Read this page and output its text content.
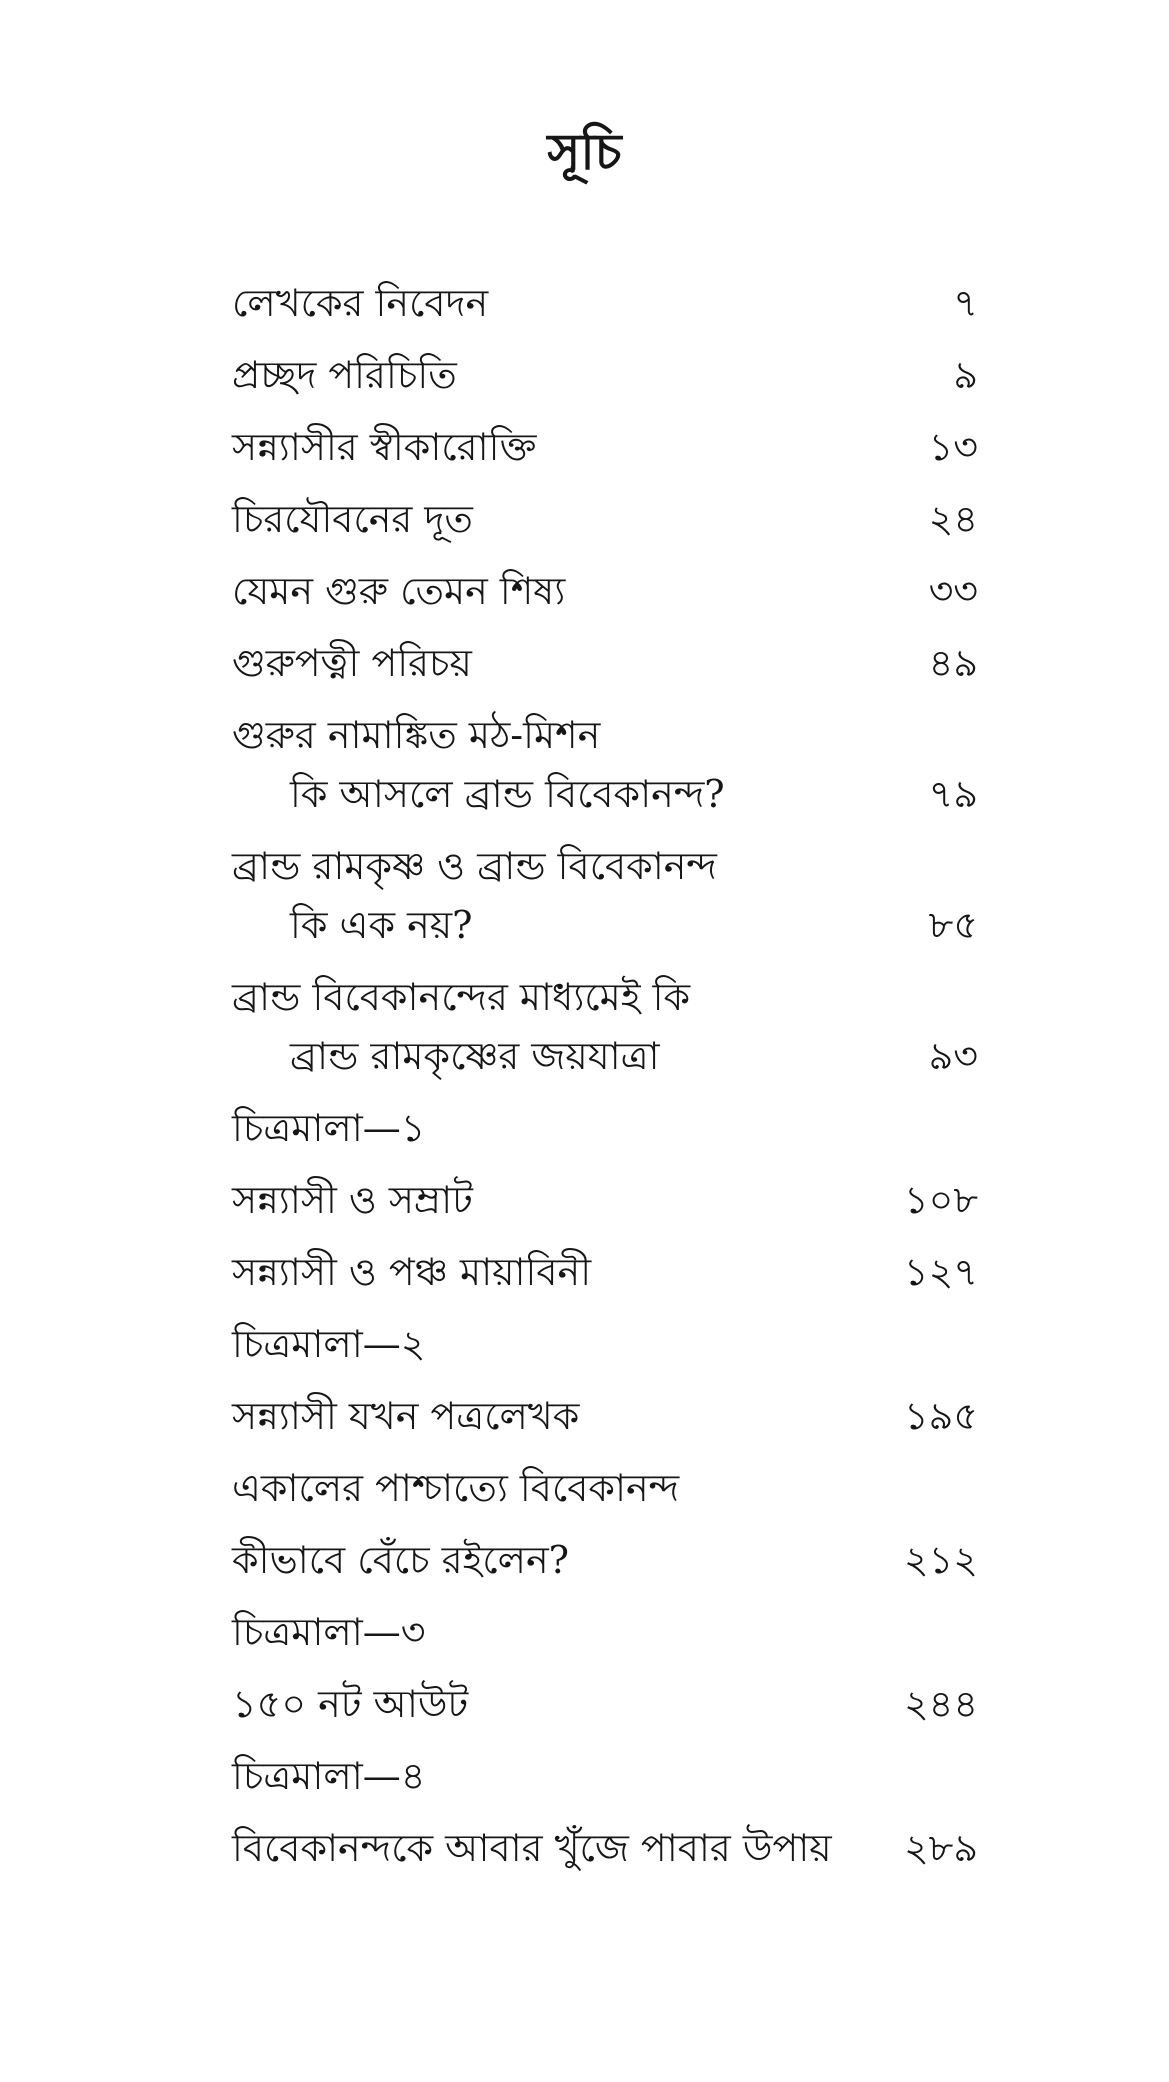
সূচি
লেখকের নিবেদন	৭
প্রচ্ছদ পরিচিতি	৯
সন্ন্যাসীর স্বীকারোক্তি	১৩
চিরযৌবনের দূত	২৪
যেমন গুরু তেমন শিষ্য	৩৩
গুরুপত্নী পরিচয়	৪৯
গুরুর নামাঙ্কিত মঠ-মিশন
কি আসলে ব্রান্ড বিবেকানন্দ?	৭৯
ব্রান্ড রামকৃষ্ণ ও ব্রান্ড বিবেকানন্দ
কি এক নয়?	৮৫
ব্রান্ড বিবেকানন্দের মাধ্যমেই কি
ব্রান্ড রামকৃষ্ণের জয়যাত্রা	৯৩
চিত্রমালা—১
সন্ন্যাসী ও সম্রাট	১০৮
সন্ন্যাসী ও পঞ্চ মায়াবিনী	১২৭
চিত্রমালা—২
সন্ন্যাসী যখন পত্রলেখক	১৯৫
একালের পাশ্চাত্যে বিবেকানন্দ
কীভাবে বেঁচে রইলেন?	২১২
চিত্রমালা—৩
১৫০ নট আউট	২৪৪
চিত্রমালা—৪
বিবেকানন্দকে আবার খুঁজে পাবার উপায় ২৮৯
